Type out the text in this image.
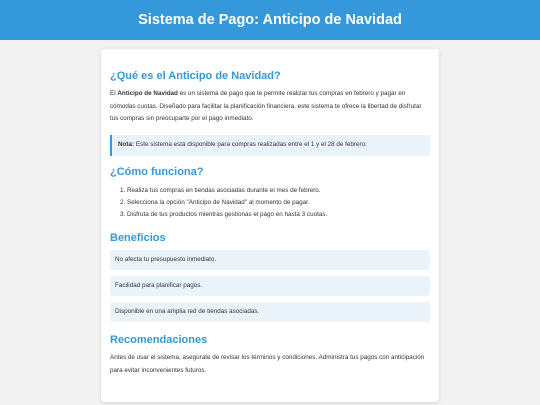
Sistema de Pago: Anticipo de Navidad
¿Qué es el Anticipo de Navidad?

El Anticipo de Navidad es un sistema de pago que te permite realizar tus compras en febrero y pagar en cómodas cuotas. Diseñado para facilitar la planificación financiera, este sistema te ofrece la libertad de disfrutar tus compras sin preocuparte por el pago inmediato.

Nota: Este sistema está disponible para compras realizadas entre el 1 y el 28 de febrero.
¿Cómo funciona?
1. Realiza tus compras en tiendas asociadas durante el mes de febrero.
2. Selecciona la opción "Anticipo de Navidad" al momento de pagar.
3. Disfruta de tus productos mientras gestionas el pago en hasta 3 cuotas.
Beneficios
No afecta tu presupuesto inmediato.
Facilidad para planificar pagos.
Disponible en una amplia red de tiendas asociadas.
Recomendaciones

Antes de usar el sistema, asegúrate de revisar los términos y condiciones. Administra tus pagos con anticipación para evitar inconvenientes futuros.
